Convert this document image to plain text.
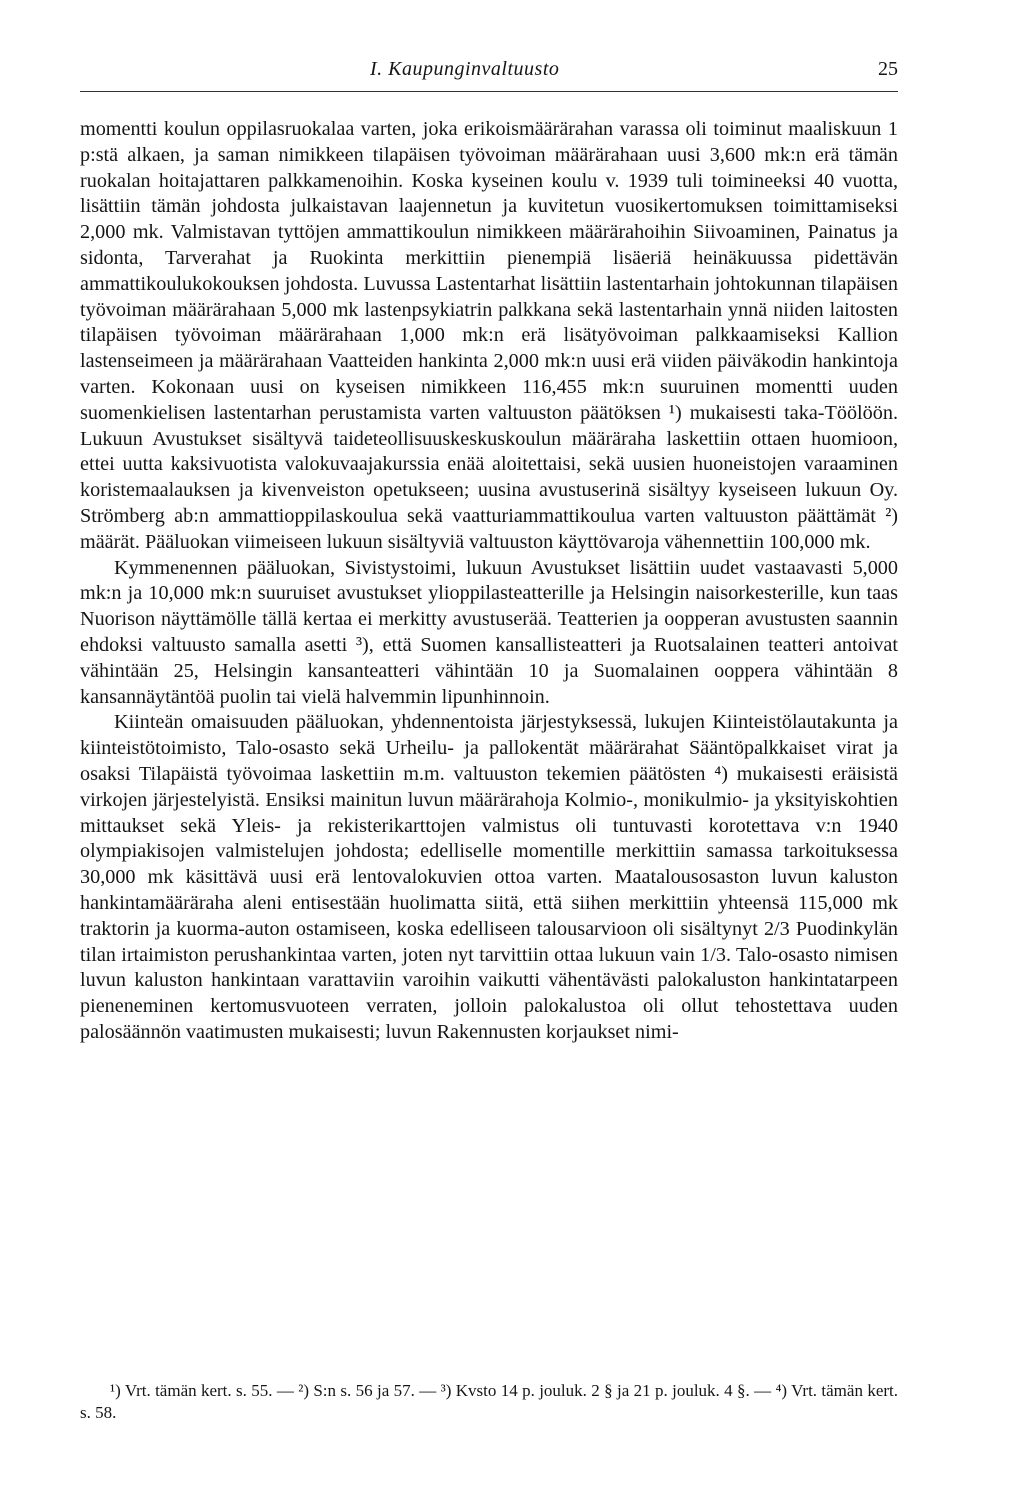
I. Kaupunginvaltuusto	25

momentti koulun oppilasruokalaa varten, joka erikoismäärärahan varassa oli toiminut maaliskuun 1 p:stä alkaen, ja saman nimikkeen tilapäisen työvoiman määrärahaan uusi 3,600 mk:n erä tämän ruokalan hoitajattaren palkkamenoihin. Koska kyseinen koulu v. 1939 tuli toimineeksi 40 vuotta, lisättiin tämän johdosta julkaistavan laajennetun ja kuvitetun vuosikertomuksen toimittamiseksi 2,000 mk. Valmistavan tyttöjen ammattikoulun nimikkeen määrärahoihin Siivoaminen, Painatus ja sidonta, Tarverahat ja Ruokinta merkittiin pienempiä lisäeriä heinäkuussa pidettävän ammattikoulukokouksen johdosta. Luvussa Lastentarhat lisättiin lastentarhain johtokunnan tilapäisen työvoiman määrärahaan 5,000 mk lastenpsykiatrin palkkana sekä lastentarhain ynnä niiden laitosten tilapäisen työvoiman määrärahaan 1,000 mk:n erä lisätyövoiman palkkaamiseksi Kallion lastenseimeen ja määrärahaan Vaatteiden hankinta 2,000 mk:n uusi erä viiden päiväkodin hankintoja varten. Kokonaan uusi on kyseisen nimikkeen 116,455 mk:n suuruinen momentti uuden suomenkielisen lastentarhan perustamista varten valtuuston päätöksen ¹) mukaisesti taka-Töölöön. Lukuun Avustukset sisältyvä taideteollisuuskeskuskoulun määräraha laskettiin ottaen huomioon, ettei uutta kaksivuotista valokuvaajakurssia enää aloitettaisi, sekä uusien huoneistojen varaaminen koristemaalauksen ja kivenveiston opetukseen; uusina avustuserinä sisältyy kyseiseen lukuun Oy. Strömberg ab:n ammattioppilaskoulua sekä vaatturiammattikoulua varten valtuuston päättämät ²) määrät. Pääluokan viimeiseen lukuun sisältyviä valtuuston käyttövaroja vähennettiin 100,000 mk.

Kymmenennen pääluokan, Sivistystoimi, lukuun Avustukset lisättiin uudet vastaavasti 5,000 mk:n ja 10,000 mk:n suuruiset avustukset ylioppilasteatterille ja Helsingin naisorkesterille, kun taas Nuorison näyttämölle tällä kertaa ei merkitty avustuserää. Teatterien ja oopperan avustusten saannin ehdoksi valtuusto samalla asetti ³), että Suomen kansallisteatteri ja Ruotsalainen teatteri antoivat vähintään 25, Helsingin kansanteatteri vähintään 10 ja Suomalainen ooppera vähintään 8 kansannäytäntöä puolin tai vielä halvemmin lipunhinnoin.

Kiinteän omaisuuden pääluokan, yhdennentoista järjestyksessä, lukujen Kiinteistölautakunta ja kiinteistötoimisto, Talo-osasto sekä Urheilu- ja pallokentät määrärahat Sääntöpalkkaiset virat ja osaksi Tilapäistä työvoimaa laskettiin m.m. valtuuston tekemien päätösten ⁴) mukaisesti eräisistä virkojen järjestelyistä. Ensiksi mainitun luvun määrärahoja Kolmio-, monikulmio- ja yksityiskohtien mittaukset sekä Yleis- ja rekisterikarttojen valmistus oli tuntuvasti korotettava v:n 1940 olympiakisojen valmistelujen johdosta; edelliselle momentille merkittiin samassa tarkoituksessa 30,000 mk käsittävä uusi erä lentovalokuvien ottoa varten. Maatalousosaston luvun kaluston hankintamääräraha aleni entisestään huolimatta siitä, että siihen merkittiin yhteensä 115,000 mk traktorin ja kuorma-auton ostamiseen, koska edelliseen talousarvioon oli sisältynyt 2/3 Puodinkylän tilan irtaimiston perushankintaa varten, joten nyt tarvittiin ottaa lukuun vain 1/3. Talo-osasto nimisen luvun kaluston hankintaan varattaviin varoihin vaikutti vähentävästi palokaluston hankintatarpeen pieneneminen kertomusvuoteen verraten, jolloin palokalustoa oli ollut tehostettava uuden palosäännön vaatimusten mukaisesti; luvun Rakennusten korjaukset nimi-

¹) Vrt. tämän kert. s. 55. — ²) S:n s. 56 ja 57. — ³) Kvsto 14 p. jouluk. 2 § ja 21 p. jouluk. 4 §. — ⁴) Vrt. tämän kert. s. 58.
